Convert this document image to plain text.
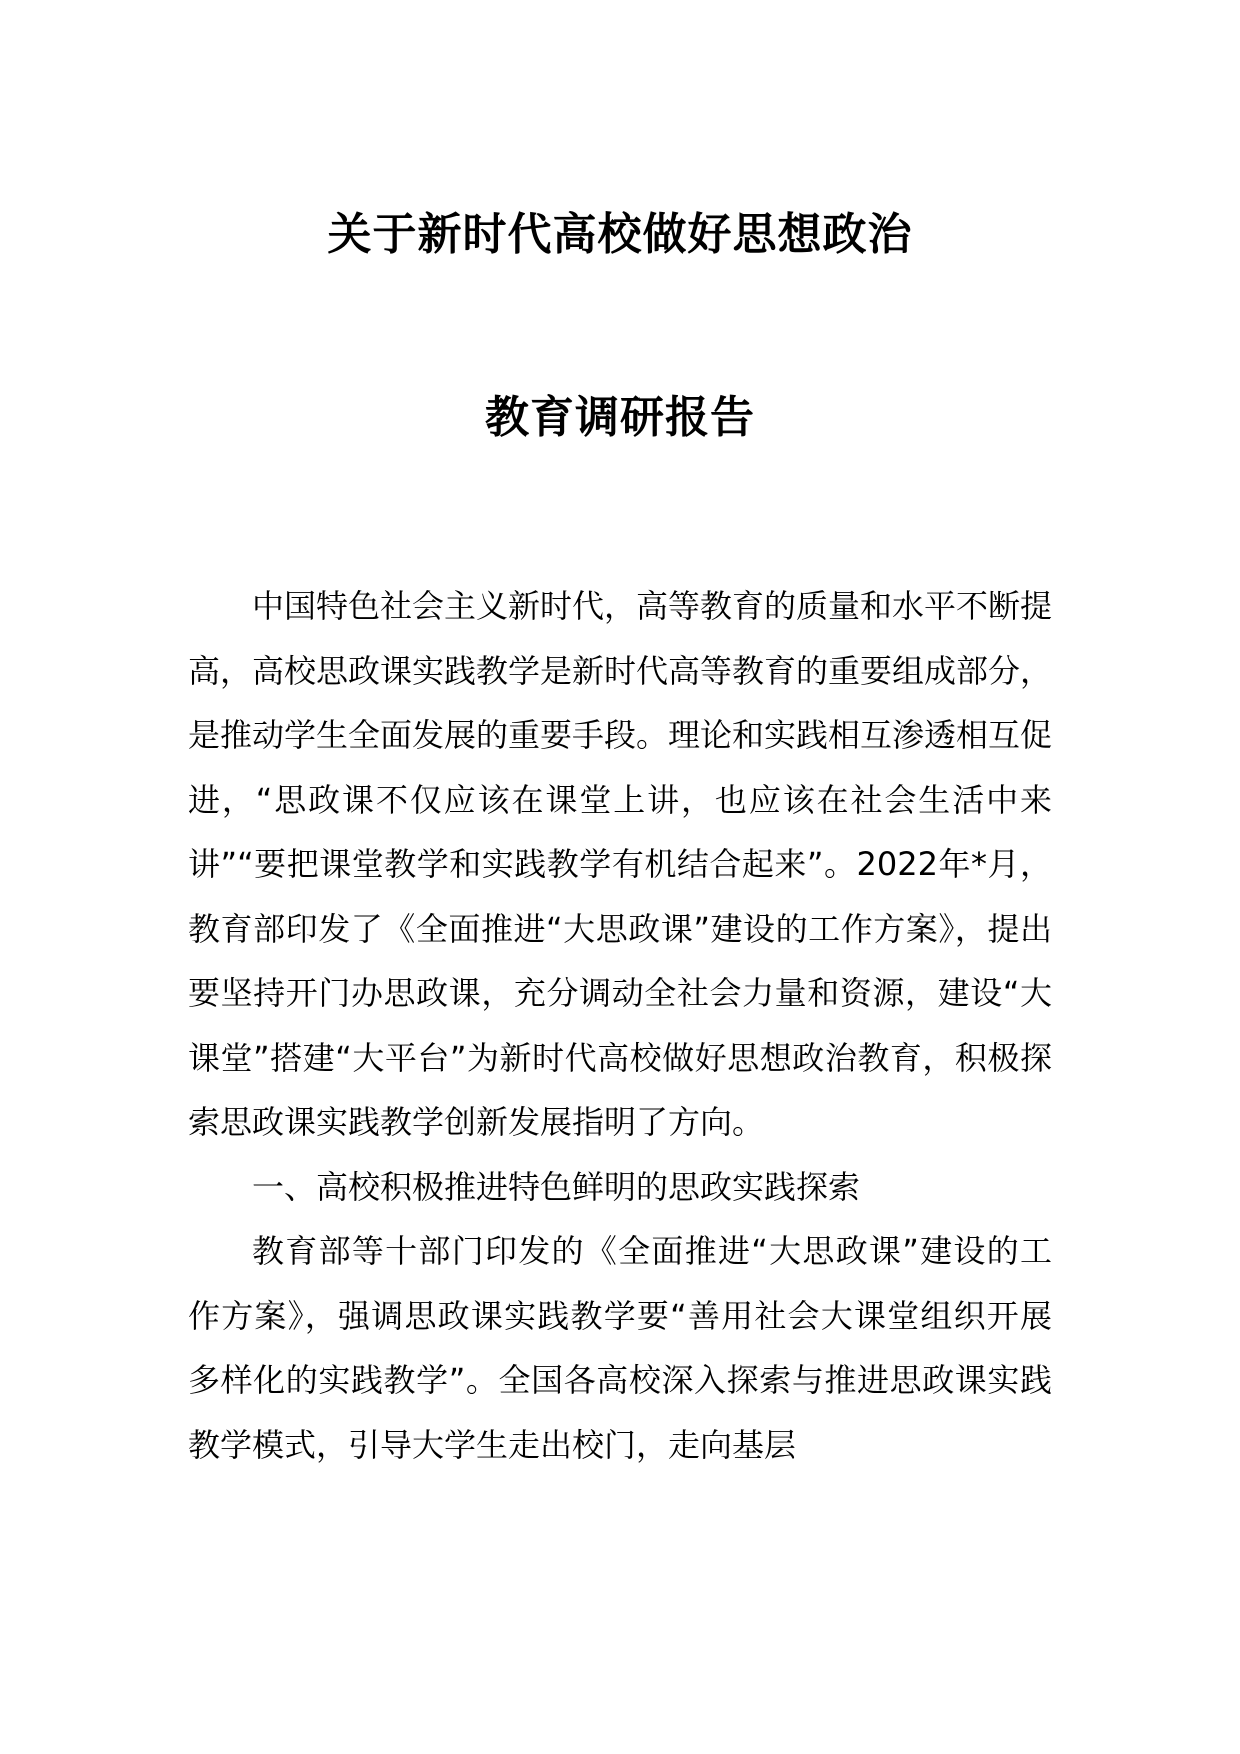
关于新时代高校做好思想政治
教育调研报告

中国特色社会主义新时代，高等教育的质量和水平不断提高，高校思政课实践教学是新时代高等教育的重要组成部分，是推动学生全面发展的重要手段。理论和实践相互渗透相互促进，“思政课不仅应该在课堂上讲，也应该在社会生活中来讲”“要把课堂教学和实践教学有机结合起来”。2022年*月，教育部印发了《全面推进“大思政课”建设的工作方案》，提出要坚持开门办思政课，充分调动全社会力量和资源，建设“大课堂”搭建“大平台”为新时代高校做好思想政治教育，积极探索思政课实践教学创新发展指明了方向。

一、高校积极推进特色鲜明的思政实践探索

教育部等十部门印发的《全面推进“大思政课”建设的工作方案》，强调思政课实践教学要“善用社会大课堂组织开展多样化的实践教学”。全国各高校深入探索与推进思政课实践教学模式，引导大学生走出校门，走向基层
